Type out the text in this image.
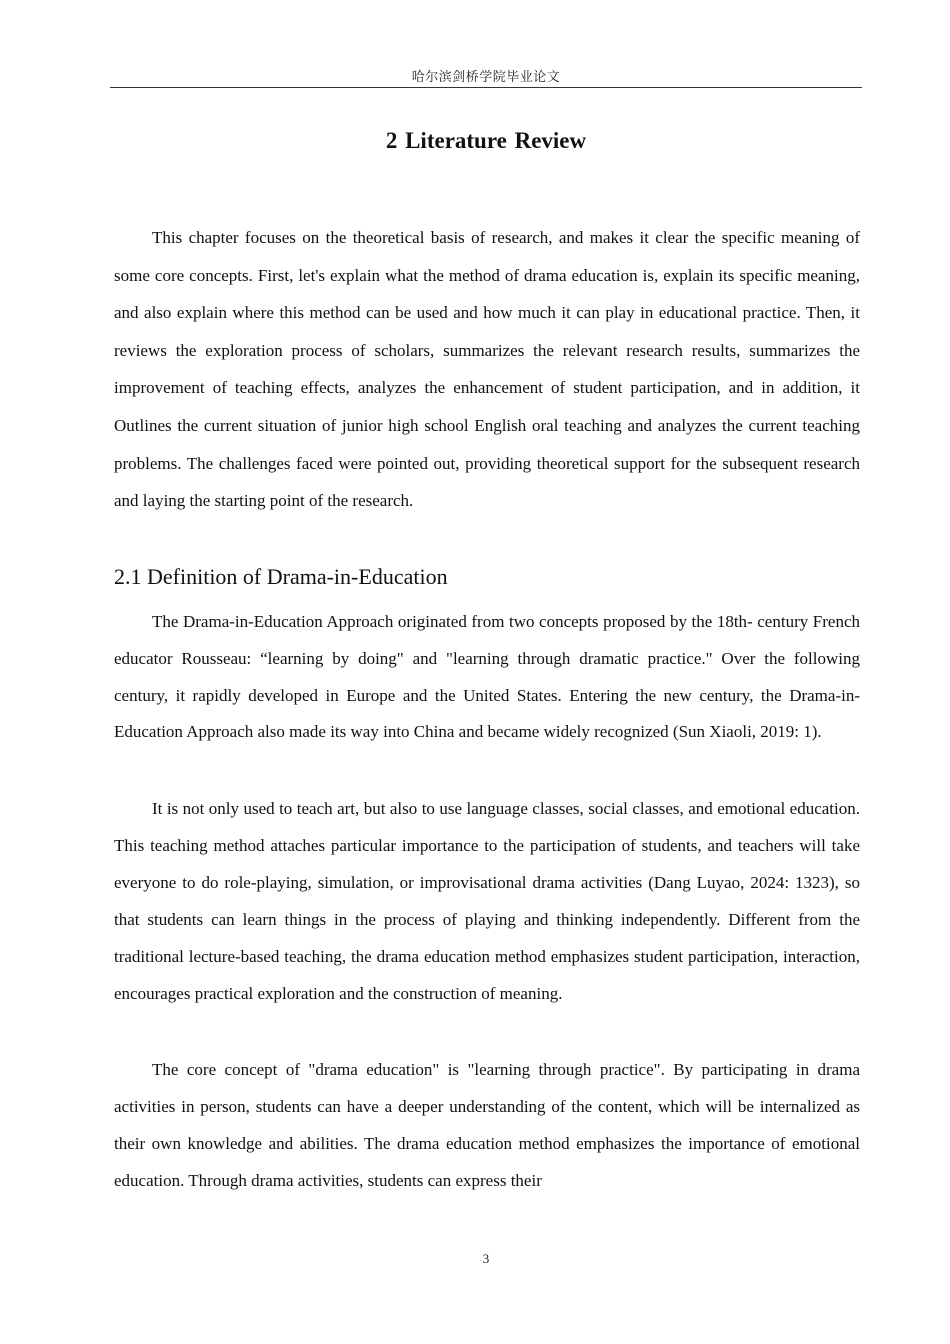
哈尔滨剑桥学院毕业论文
2 Literature Review

This chapter focuses on the theoretical basis of research, and makes it clear the specific meaning of some core concepts. First, let's explain what the method of drama education is, explain its specific meaning, and also explain where this method can be used and how much it can play in educational practice. Then, it reviews the exploration process of scholars, summarizes the relevant research results, summarizes the improvement of teaching effects, analyzes the enhancement of student participation, and in addition, it Outlines the current situation of junior high school English oral teaching and analyzes the current teaching problems. The challenges faced were pointed out, providing theoretical support for the subsequent research and laying the starting point of the research.

2.1 Definition of Drama-in-Education

The Drama-in-Education Approach originated from two concepts proposed by the 18th- century French educator Rousseau: “learning by doing" and "learning through dramatic practice." Over the following century, it rapidly developed in Europe and the United States. Entering the new century, the Drama-in-Education Approach also made its way into China and became widely recognized (Sun Xiaoli, 2019: 1).

It is not only used to teach art, but also to use language classes, social classes, and emotional education. This teaching method attaches particular importance to the participation of students, and teachers will take everyone to do role-playing, simulation, or improvisational drama activities (Dang Luyao, 2024: 1323), so that students can learn things in the process of playing and thinking independently. Different from the traditional lecture-based teaching, the drama education method emphasizes student participation, interaction, encourages practical exploration and the construction of meaning.

The core concept of "drama education" is "learning through practice". By participating in drama activities in person, students can have a deeper understanding of the content, which will be internalized as their own knowledge and abilities. The drama education method emphasizes the importance of emotional education. Through drama activities, students can express their

3
